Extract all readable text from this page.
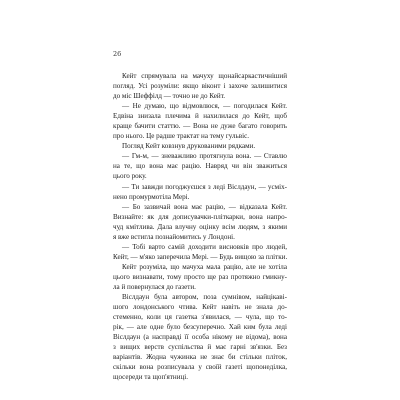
26
Кейт спрямувала на мачуху щонайсаркастичніший
погляд. Усі розуміли: якщо віконт і захоче залишитися
до міс Шеффілд — точно не до Кейт.
— Не думаю, що відмовлюся, — погодилася Кейт.
Едвіна знизала плечима й нахилилася до Кейт, щоб
краще бачити статтю. — Вона не дуже багато говорить
про нього. Це радше трактат на тему гульвіс.
Погляд Кейт ковзнув друкованими рядками.
— Гм-м, — зневажливо протягнула вона. — Ставлю
на те, що вона має рацію. Навряд чи він зважиться
цього року.
— Ти завжди погоджуєшся з леді Віслдаун, — усміх-
нено промурмотіла Мері.
— Бо зазвичай вона має рацію, — відказала Кейт.
Визнайте: як для дописувачки-пліткарки, вона напро-
чуд кмітлива. Дала влучну оцінку всім людям, з якими
я вже встигла познайомитись у Лондоні.
— Тобі варто самій доходити висновків про людей,
Кейт, — м'яко заперечила Мері. — Будь вищою за плітки.
Кейт розуміла, що мачуха мала рацію, але не хотіла
цього визнавати, тому просто ще раз протяжно гмикну-
ла й повернулася до газети.
Віслдаун була автором, поза сумнівом, найцікаві-
шого лондонського чтива. Кейт навіть не знала до-
стеменно, коли ця газетка з'явилася, — чула, що то-
рік, — але одне було безсуперечно. Хай ким була леді
Віслдаун (а насправді її особа нікому не відома), вона
з вищих верств суспільства й має гарні зв'язки. Без
варіантів. Жодна чужинка не знає би стільки пліток,
скільки вона розписувала у своїй газеті щопонеділка,
щосереди та щоп'ятниці.
